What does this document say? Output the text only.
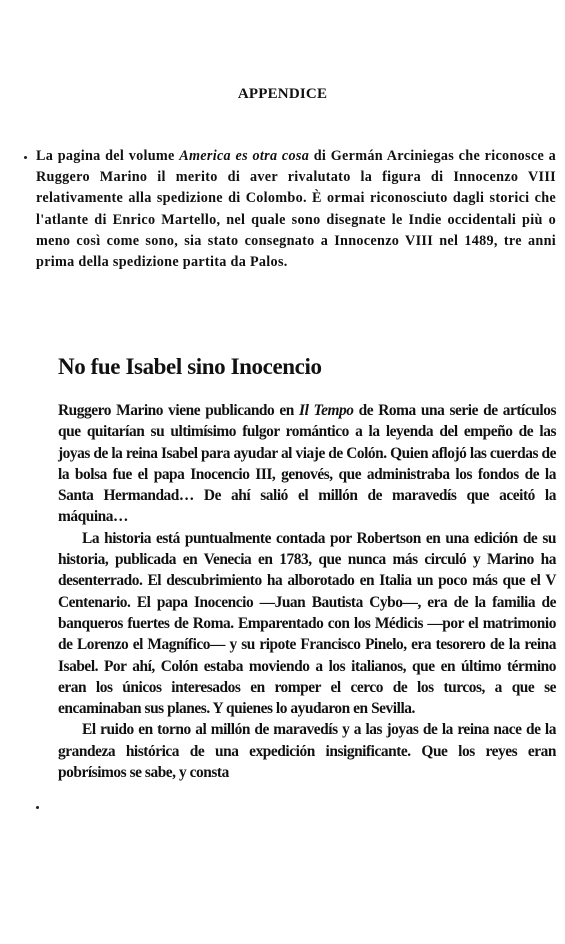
APPENDICE
La pagina del volume America es otra cosa di Germán Arciniegas che riconosce a Ruggero Marino il merito di aver rivalutato la figura di Innocenzo VIII relativamente alla spedizione di Colombo. È ormai riconosciuto dagli storici che l'atlante di Enrico Martello, nel quale sono disegnate le Indie occidentali più o meno così come sono, sia stato consegnato a Innocenzo VIII nel 1489, tre anni prima della spedizione partita da Palos.
No fue Isabel sino Inocencio

Ruggero Marino viene publicando en Il Tempo de Roma una serie de artículos que quitarían su ultimísimo fulgor romántico a la leyenda del empeño de las joyas de la reina Isabel para ayudar al viaje de Colón. Quien aflojó las cuerdas de la bolsa fue el papa Inocencio III, genovés, que administraba los fondos de la Santa Hermandad… De ahí salió el millón de maravedís que aceitó la máquina…

La historia está puntualmente contada por Robertson en una edición de su historia, publicada en Venecia en 1783, que nunca más circuló y Marino ha desenterrado. El descubrimiento ha alborotado en Italia un poco más que el V Centenario. El papa Inocencio —Juan Bautista Cybo—, era de la familia de banqueros fuertes de Roma. Emparentado con los Médicis —por el matrimonio de Lorenzo el Magnífico— y su ripote Francisco Pinelo, era tesorero de la reina Isabel. Por ahí, Colón estaba moviendo a los italianos, que en último término eran los únicos interesados en romper el cerco de los turcos, a que se encaminaban sus planes. Y quienes lo ayudaron en Sevilla.

El ruido en torno al millón de maravedís y a las joyas de la reina nace de la grandeza histórica de una expedición insignificante. Que los reyes eran pobrísimos se sabe, y consta
